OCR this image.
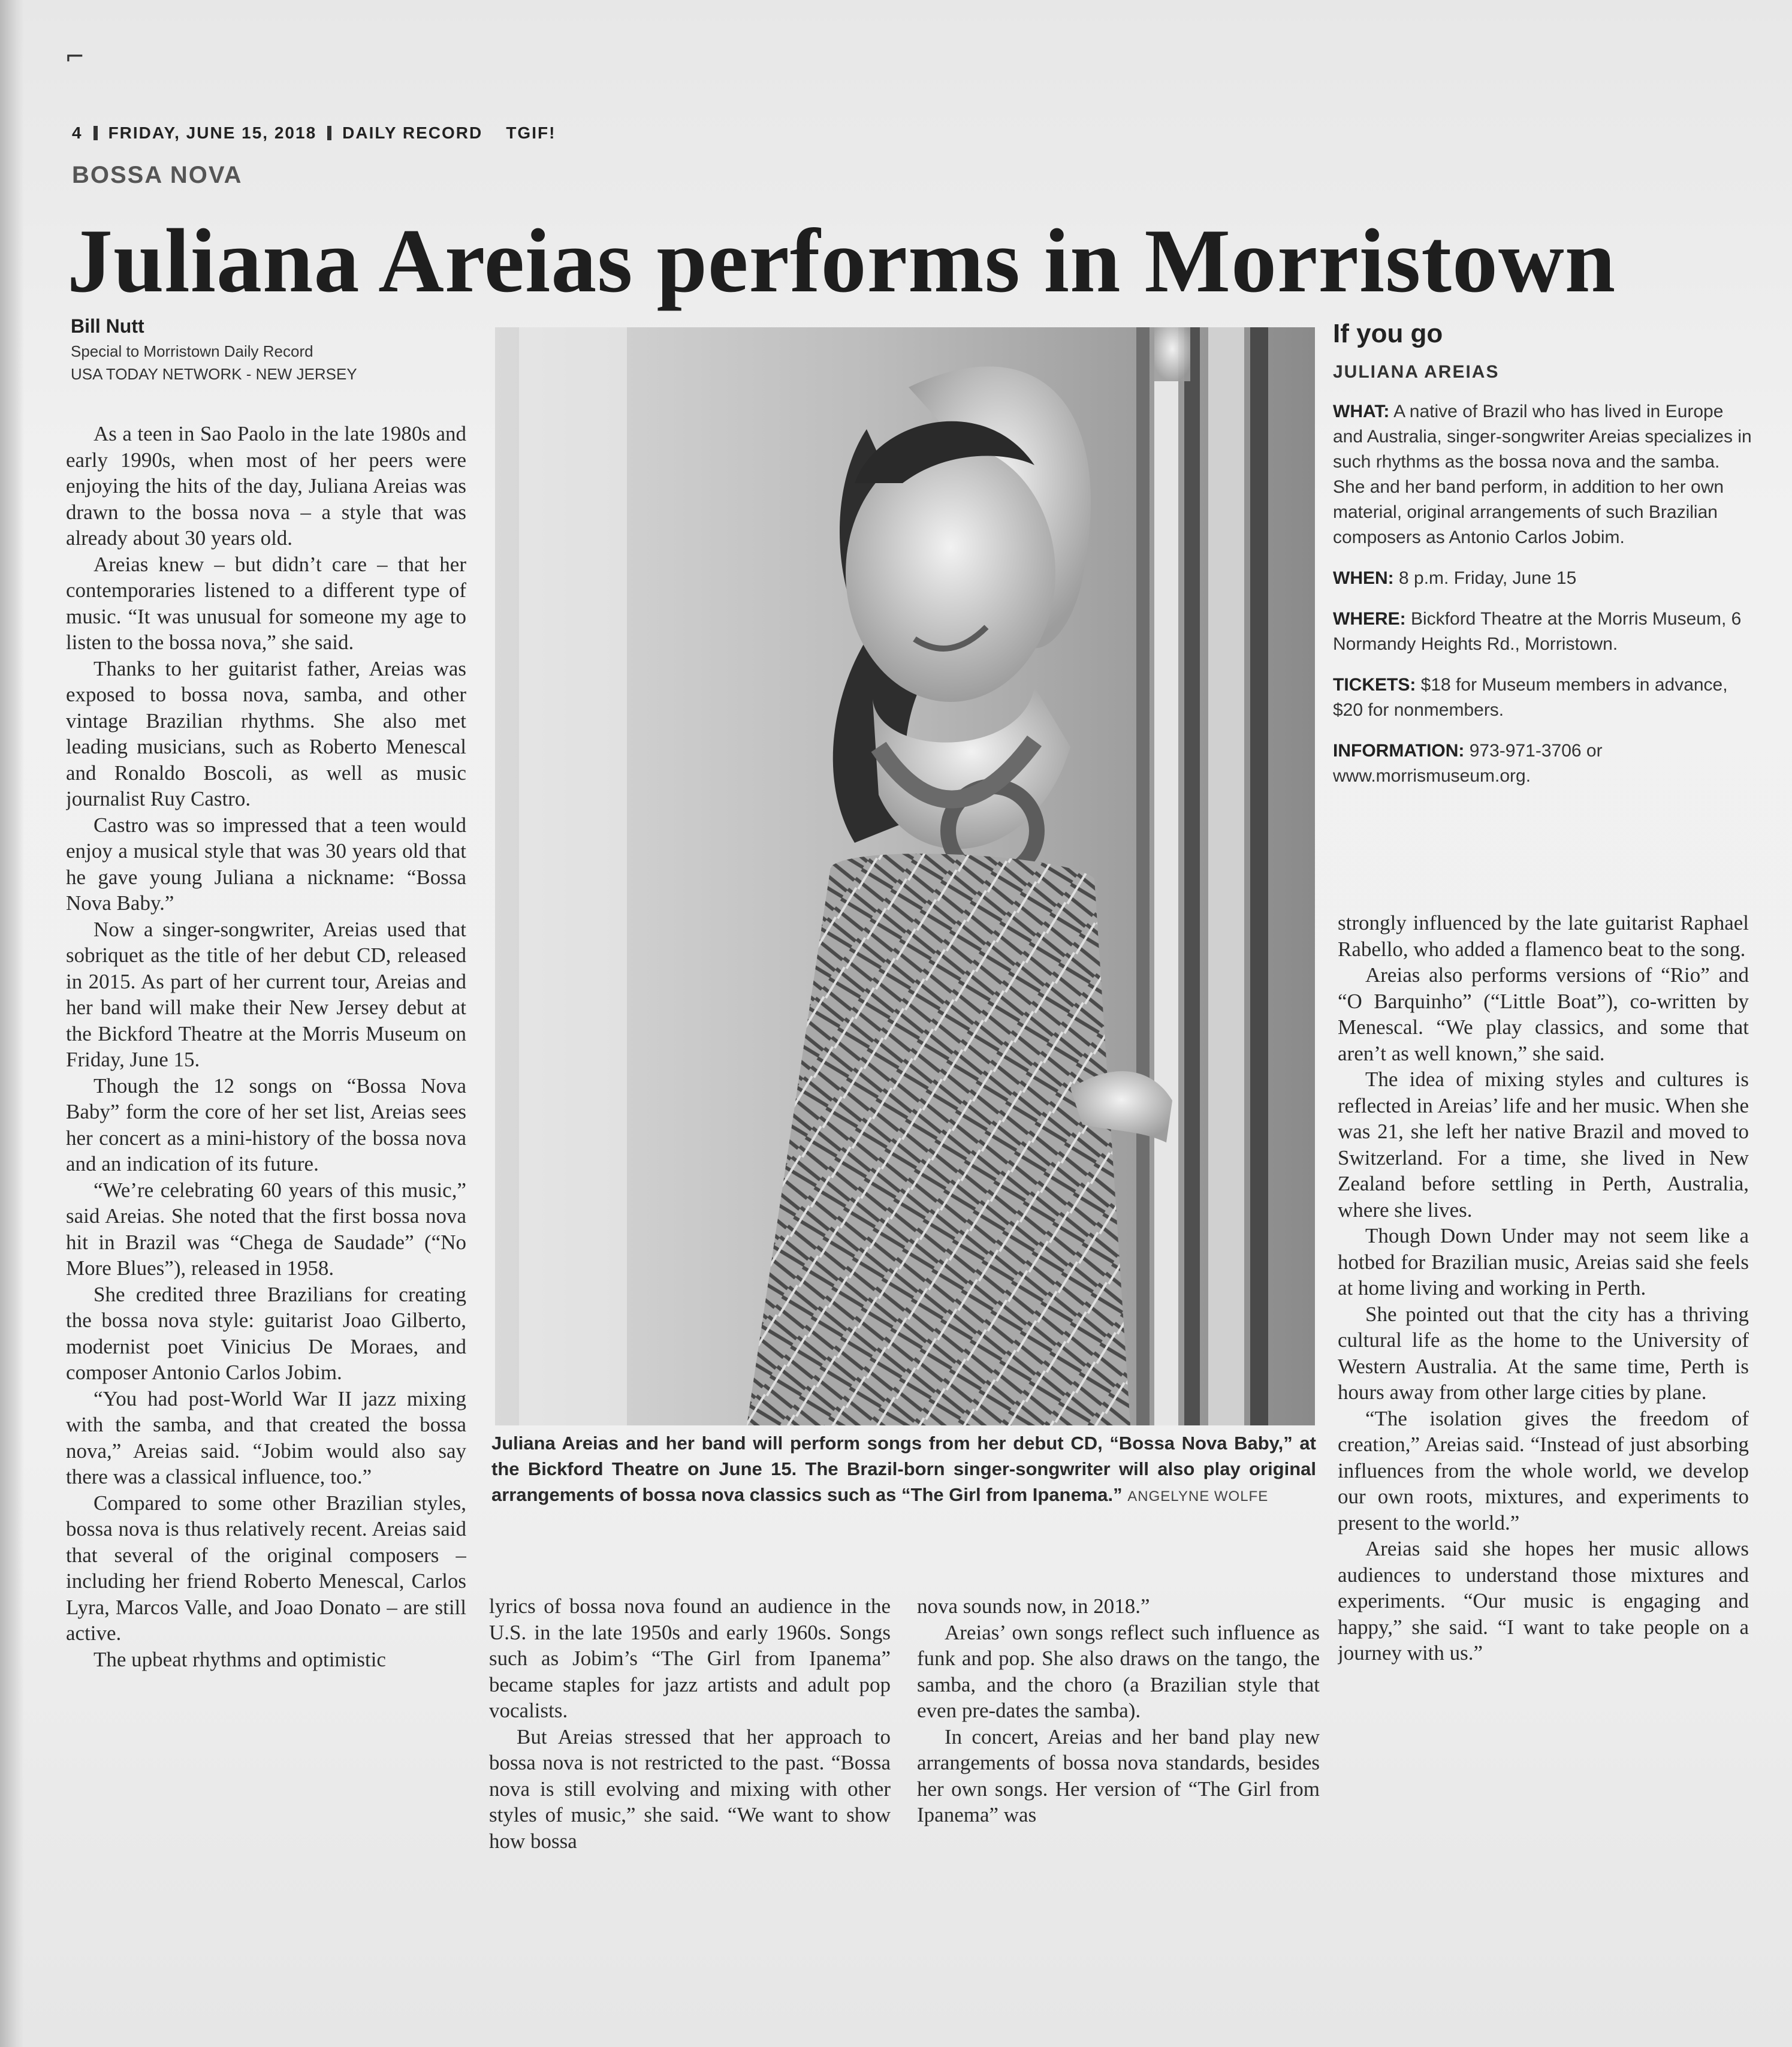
⌐
4 FRIDAY, JUNE 15, 2018 DAILY RECORD TGIF!
BOSSA NOVA
Juliana Areias performs in Morristown
Bill Nutt
Special to Morristown Daily Record
USA TODAY NETWORK - NEW JERSEY

As a teen in Sao Paolo in the late 1980s and early 1990s, when most of her peers were enjoying the hits of the day, Juliana Areias was drawn to the bossa nova – a style that was already about 30 years old.

Areias knew – but didn’t care – that her contemporaries listened to a different type of music. “It was unusual for someone my age to listen to the bossa nova,” she said.

Thanks to her guitarist father, Areias was exposed to bossa nova, samba, and other vintage Brazilian rhythms. She also met leading musicians, such as Roberto Menescal and Ronaldo Boscoli, as well as music journalist Ruy Castro.

Castro was so impressed that a teen would enjoy a musical style that was 30 years old that he gave young Juliana a nickname: “Bossa Nova Baby.”

Now a singer-songwriter, Areias used that sobriquet as the title of her debut CD, released in 2015. As part of her current tour, Areias and her band will make their New Jersey debut at the Bickford Theatre at the Morris Museum on Friday, June 15.

Though the 12 songs on “Bossa Nova Baby” form the core of her set list, Areias sees her concert as a mini-history of the bossa nova and an indication of its future.

“We’re celebrating 60 years of this music,” said Areias. She noted that the first bossa nova hit in Brazil was “Chega de Saudade” (“No More Blues”), released in 1958.

She credited three Brazilians for creating the bossa nova style: guitarist Joao Gilberto, modernist poet Vinicius De Moraes, and composer Antonio Carlos Jobim.

“You had post-World War II jazz mixing with the samba, and that created the bossa nova,” Areias said. “Jobim would also say there was a classical influence, too.”

Compared to some other Brazilian styles, bossa nova is thus relatively recent. Areias said that several of the original composers – including her friend Roberto Menescal, Carlos Lyra, Marcos Valle, and Joao Donato – are still active.

The upbeat rhythms and optimistic

Juliana Areias and her band will perform songs from her debut CD, “Bossa Nova Baby,” at the Bickford Theatre on June 15. The Brazil-born singer-songwriter will also play original arrangements of bossa nova classics such as “The Girl from Ipanema.” ANGELYNE WOLFE

lyrics of bossa nova found an audience in the U.S. in the late 1950s and early 1960s. Songs such as Jobim’s “The Girl from Ipanema” became staples for jazz artists and adult pop vocalists.

But Areias stressed that her approach to bossa nova is not restricted to the past. “Bossa nova is still evolving and mixing with other styles of music,” she said. “We want to show how bossa

nova sounds now, in 2018.”

Areias’ own songs reflect such influence as funk and pop. She also draws on the tango, the samba, and the choro (a Brazilian style that even pre-dates the samba).

In concert, Areias and her band play new arrangements of bossa nova standards, besides her own songs. Her version of “The Girl from Ipanema” was

If you go
JULIANA AREIAS
WHAT: A native of Brazil who has lived in Europe and Australia, singer-songwriter Areias specializes in such rhythms as the bossa nova and the samba. She and her band perform, in addition to her own material, original arrangements of such Brazilian composers as Antonio Carlos Jobim.
WHEN: 8 p.m. Friday, June 15
WHERE: Bickford Theatre at the Morris Museum, 6 Normandy Heights Rd., Morristown.
TICKETS: $18 for Museum members in advance, $20 for nonmembers.
INFORMATION: 973-971-3706 or www.morrismuseum.org.

strongly influenced by the late guitarist Raphael Rabello, who added a flamenco beat to the song.

Areias also performs versions of “Rio” and “O Barquinho” (“Little Boat”), co-written by Menescal. “We play classics, and some that aren’t as well known,” she said.

The idea of mixing styles and cultures is reflected in Areias’ life and her music. When she was 21, she left her native Brazil and moved to Switzerland. For a time, she lived in New Zealand before settling in Perth, Australia, where she lives.

Though Down Under may not seem like a hotbed for Brazilian music, Areias said she feels at home living and working in Perth.

She pointed out that the city has a thriving cultural life as the home to the University of Western Australia. At the same time, Perth is hours away from other large cities by plane.

“The isolation gives the freedom of creation,” Areias said. “Instead of just absorbing influences from the whole world, we develop our own roots, mixtures, and experiments to present to the world.”

Areias said she hopes her music allows audiences to understand those mixtures and experiments. “Our music is engaging and happy,” she said. “I want to take people on a journey with us.”
